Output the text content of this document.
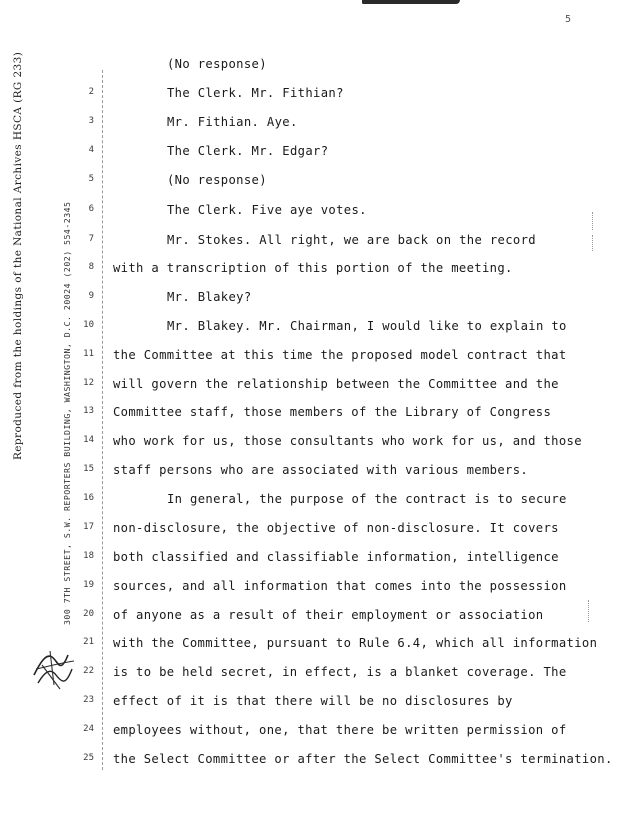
5
Reproduced from the holdings of the National Archives HSCA (RG 233)	300 7TH STREET, S.W. REPORTERS BUILDING, WASHINGTON, D.C. 20024 (202) 554-2345
(No response)
2	The Clerk. Mr. Fithian?
3	Mr. Fithian. Aye.
4	The Clerk. Mr. Edgar?
5	(No response)
6	The Clerk. Five aye votes.
7	Mr. Stokes. All right, we are back on the record
8 with a transcription of this portion of the meeting.
9	Mr. Blakey?
10	Mr. Blakey. Mr. Chairman, I would like to explain to
11 the Committee at this time the proposed model contract that
12 will govern the relationship between the Committee and the
13 Committee staff, those members of the Library of Congress
14 who work for us, those consultants who work for us, and those
15 staff persons who are associated with various members.
16	In general, the purpose of the contract is to secure
17 non-disclosure, the objective of non-disclosure. It covers
18 both classified and classifiable information, intelligence
19 sources, and all information that comes into the possession
20 of anyone as a result of their employment or association
21 with the Committee, pursuant to Rule 6.4, which all information
22 is to be held secret, in effect, is a blanket coverage. The
23 effect of it is that there will be no disclosures by
24 employees without, one, that there be written permission of
25 the Select Committee or after the Select Committee's termination.
